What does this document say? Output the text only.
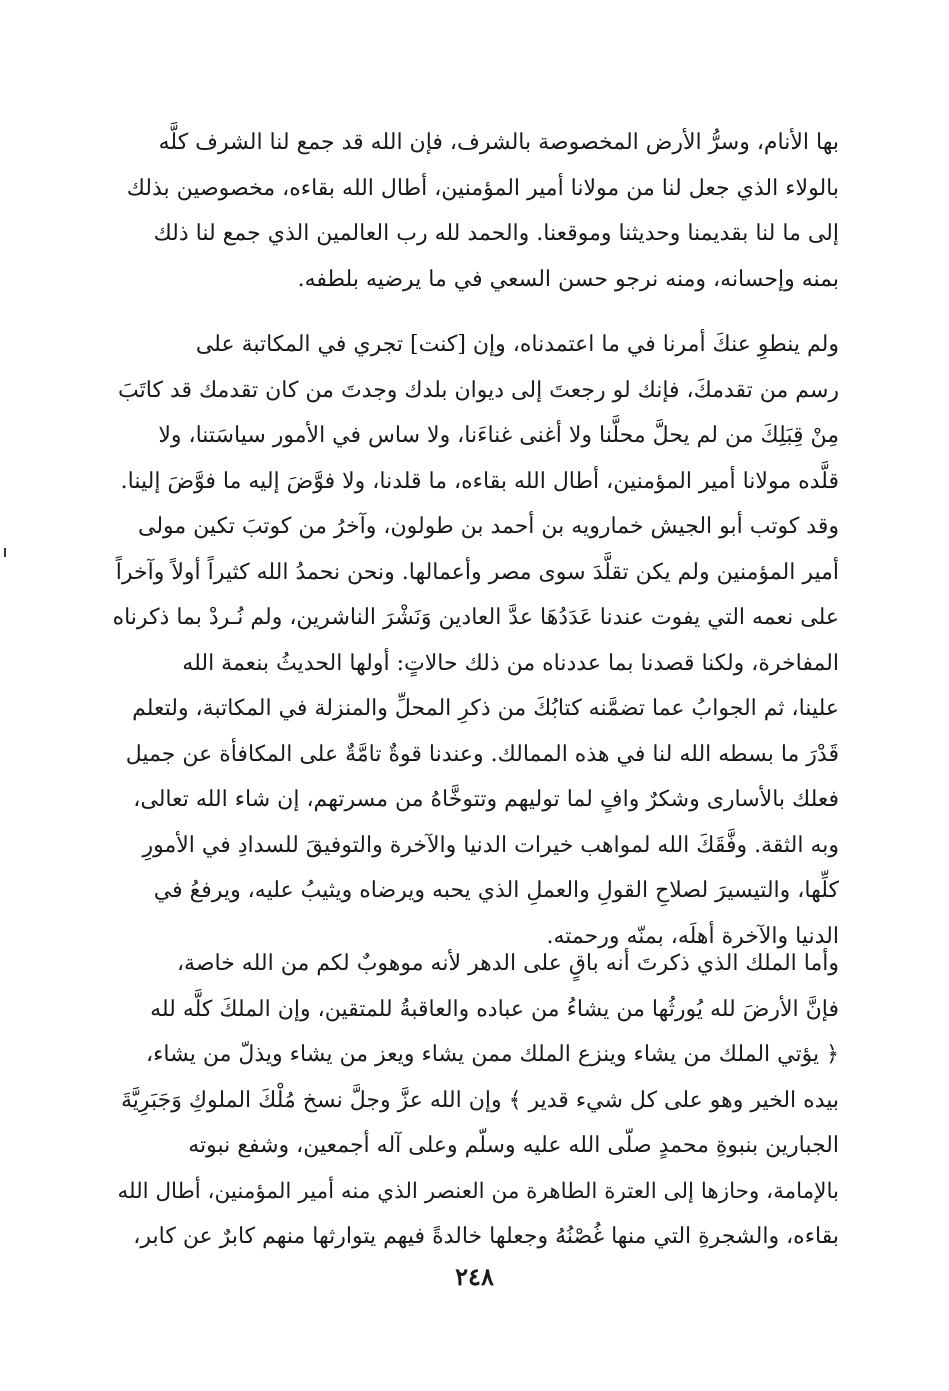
بها الأنام، وسرُّ الأرض المخصوصة بالشرف، فإن الله قد جمع لنا الشرف كلَّه
بالولاء الذي جعل لنا من مولانا أمير المؤمنين، أطال الله بقاءه، مخصوصين بذلك
إلى ما لنا بقديمنا وحديثنا وموقعنا. والحمد لله رب العالمين الذي جمع لنا ذلك
بمنه وإحسانه، ومنه نرجو حسن السعي في ما يرضيه بلطفه.

ولم ينطوِ عنكَ أمرنا في ما اعتمدناه، وإن [كنت] تجري في المكاتبة على
رسم من تقدمكَ، فإنك لو رجعتَ إلى ديوان بلدك وجدتَ من كان تقدمك قد كاتَبَ
مِنْ قِبَلِكَ من لم يحلَّ محلَّنا ولا أغنى غناءَنا، ولا ساس في الأمور سياسَتنا، ولا
قلَّده مولانا أمير المؤمنين، أطال الله بقاءه، ما قلدنا، ولا فوَّضَ إليه ما فوَّضَ إلينا.
وقد كوتب أبو الجيش خمارويه بن أحمد بن طولون، وآخرُ من كوتبَ تكين مولى
أمير المؤمنين ولم يكن تقلَّدَ سوى مصر وأعمالها. ونحن نحمدُ الله كثيراً أولاً وآخراً
على نعمه التي يفوت عندنا عَدَدُهَا عدَّ العادين وَنَشْرَ الناشرين، ولم نُـردْ بما ذكرناه
المفاخرة، ولكنا قصدنا بما عددناه من ذلك حالاتٍ: أولها الحديثُ بنعمة الله
علينا، ثم الجوابُ عما تضمَّنه كتابُكَ من ذكرِ المحلِّ والمنزلة في المكاتبة، ولتعلم
قَدْرَ ما بسطه الله لنا في هذه الممالك. وعندنا قوةٌ تامَّةٌ على المكافأة عن جميل
فعلك بالأسارى وشكرٌ وافٍ لما توليهم وتتوخَّاهُ من مسرتهم، إن شاء الله تعالى،
وبه الثقة. وفَّقَكَ الله لمواهب خيرات الدنيا والآخرة والتوفيقَ للسدادِ في الأمورِ
كلِّها، والتيسيرَ لصلاحِ القولِ والعملِ الذي يحبه ويرضاه ويثيبُ عليه، ويرفعُ في
الدنيا والآخرة أهلَه، بمنّه ورحمته.

وأما الملك الذي ذكرتَ أنه باقٍ على الدهر لأنه موهوبٌ لكم من الله خاصة،
فإنَّ الأرضَ لله يُورثُها من يشاءُ من عباده والعاقبةُ للمتقين، وإن الملكَ كلَّه لله
﴿ يؤتي الملك من يشاء وينزع الملك ممن يشاء ويعز من يشاء ويذلّ من يشاء،
بيده الخير وهو على كل شيء قدير ﴾ وإن الله عزَّ وجلَّ نسخ مُلْكَ الملوكِ وَجَبَرِيَّةَ
الجبارين بنبوةِ محمدٍ صلّى الله عليه وسلّم وعلى آله أجمعين، وشفع نبوته
بالإمامة، وحازها إلى العترة الطاهرة من العنصر الذي منه أمير المؤمنين، أطال الله
بقاءه، والشجرةِ التي منها غُصْنُهُ وجعلها خالدةً فيهم يتوارثها منهم كابرٌ عن كابر،

٢٤٨
